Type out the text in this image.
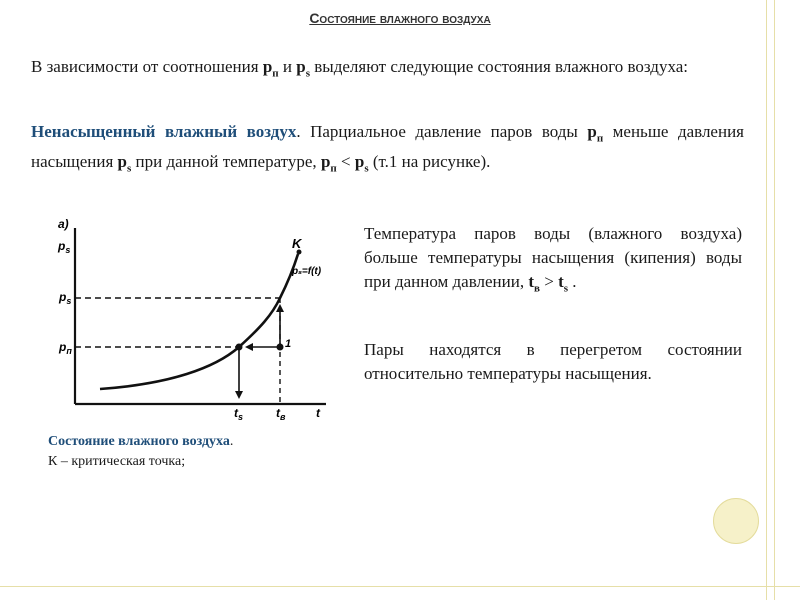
Состояние влажного воздуха
В зависимости от соотношения $p_п$ и $p_s$ выделяют следующие состояния влажного воздуха:
Ненасыщенный влажный воздух. Парциальное давление паров воды $p_п$ меньше давления насыщения $p_s$ при данной температуре, $p_п < p_s$ (т.1 на рисунке).
Температура паров воды (влажного воздуха) больше температуры насыщения (кипения) воды при данном давлении, $t_в > t_s$ .
Пары находятся в перегретом состоянии относительно температуры насыщения.
а)
$p_s$	K
pₛ=f(t)
$p_s$
$p_п$
1
$t_s$	$t_в$	t
Состояние влажного воздуха.
К – критическая точка;
